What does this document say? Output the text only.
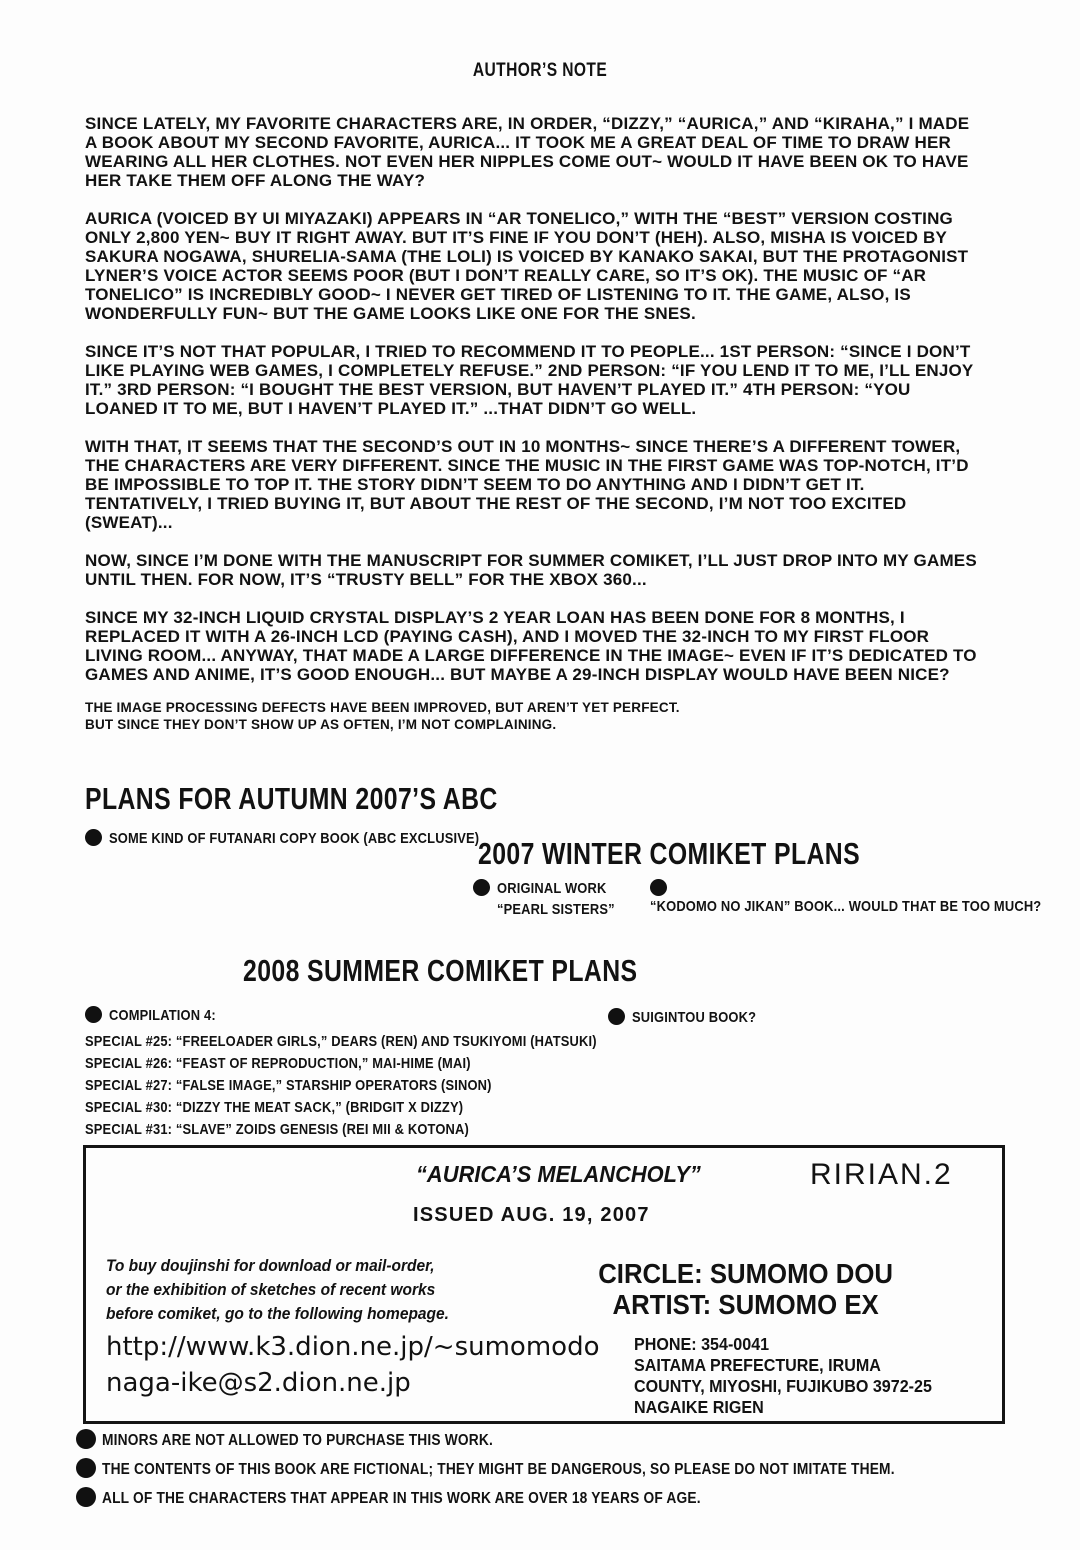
AUTHOR’S NOTE

SINCE LATELY, MY FAVORITE CHARACTERS ARE, IN ORDER, “DIZZY,” “AURICA,” AND “KIRAHA,” I MADE A BOOK ABOUT MY SECOND FAVORITE, AURICA... IT TOOK ME A GREAT DEAL OF TIME TO DRAW HER WEARING ALL HER CLOTHES. NOT EVEN HER NIPPLES COME OUT~ WOULD IT HAVE BEEN OK TO HAVE HER TAKE THEM OFF ALONG THE WAY?

AURICA (VOICED BY UI MIYAZAKI) APPEARS IN “AR TONELICO,” WITH THE “BEST” VERSION COSTING ONLY 2,800 YEN~ BUY IT RIGHT AWAY. BUT IT’S FINE IF YOU DON’T (HEH). ALSO, MISHA IS VOICED BY SAKURA NOGAWA, SHURELIA-SAMA (THE LOLI) IS VOICED BY KANAKO SAKAI, BUT THE PROTAGONIST LYNER’S VOICE ACTOR SEEMS POOR (BUT I DON’T REALLY CARE, SO IT’S OK). THE MUSIC OF “AR TONELICO” IS INCREDIBLY GOOD~ I NEVER GET TIRED OF LISTENING TO IT. THE GAME, ALSO, IS WONDERFULLY FUN~ BUT THE GAME LOOKS LIKE ONE FOR THE SNES.

SINCE IT’S NOT THAT POPULAR, I TRIED TO RECOMMEND IT TO PEOPLE... 1ST PERSON: “SINCE I DON’T LIKE PLAYING WEB GAMES, I COMPLETELY REFUSE.” 2ND PERSON: “IF YOU LEND IT TO ME, I’LL ENJOY IT.” 3RD PERSON: “I BOUGHT THE BEST VERSION, BUT HAVEN’T PLAYED IT.” 4TH PERSON: “YOU LOANED IT TO ME, BUT I HAVEN’T PLAYED IT.” ...THAT DIDN’T GO WELL.

WITH THAT, IT SEEMS THAT THE SECOND’S OUT IN 10 MONTHS~ SINCE THERE’S A DIFFERENT TOWER, THE CHARACTERS ARE VERY DIFFERENT. SINCE THE MUSIC IN THE FIRST GAME WAS TOP-NOTCH, IT’D BE IMPOSSIBLE TO TOP IT. THE STORY DIDN’T SEEM TO DO ANYTHING AND I DIDN’T GET IT. TENTATIVELY, I TRIED BUYING IT, BUT ABOUT THE REST OF THE SECOND, I’M NOT TOO EXCITED (SWEAT)...

NOW, SINCE I’M DONE WITH THE MANUSCRIPT FOR SUMMER COMIKET, I’LL JUST DROP INTO MY GAMES UNTIL THEN. FOR NOW, IT’S “TRUSTY BELL” FOR THE XBOX 360...

SINCE MY 32-INCH LIQUID CRYSTAL DISPLAY’S 2 YEAR LOAN HAS BEEN DONE FOR 8 MONTHS, I REPLACED IT WITH A 26-INCH LCD (PAYING CASH), AND I MOVED THE 32-INCH TO MY FIRST FLOOR LIVING ROOM... ANYWAY, THAT MADE A LARGE DIFFERENCE IN THE IMAGE~ EVEN IF IT’S DEDICATED TO GAMES AND ANIME, IT’S GOOD ENOUGH... BUT MAYBE A 29-INCH DISPLAY WOULD HAVE BEEN NICE?

THE IMAGE PROCESSING DEFECTS HAVE BEEN IMPROVED, BUT AREN’T YET PERFECT.
BUT SINCE THEY DON’T SHOW UP AS OFTEN, I’M NOT COMPLAINING.
PLANS FOR AUTUMN 2007’S ABC
SOME KIND OF FUTANARI COPY BOOK (ABC EXCLUSIVE)
2007 WINTER COMIKET PLANS
ORIGINAL WORK
“PEARL SISTERS”	“KODOMO NO JIKAN” BOOK... WOULD THAT BE TOO MUCH?
2008 SUMMER COMIKET PLANS
COMPILATION 4:	SUIGINTOU BOOK?
SPECIAL #25: “FREELOADER GIRLS,” DEARS (REN) AND TSUKIYOMI (HATSUKI)
SPECIAL #26: “FEAST OF REPRODUCTION,” MAI-HIME (MAI)
SPECIAL #27: “FALSE IMAGE,” STARSHIP OPERATORS (SINON)
SPECIAL #30: “DIZZY THE MEAT SACK,” (BRIDGIT X DIZZY)
SPECIAL #31: “SLAVE” ZOIDS GENESIS (REI MII & KOTONA)
“AURICA’S MELANCHOLY”	RIRIAN.2
ISSUED AUG. 19, 2007
To buy doujinshi for download or mail-order,
or the exhibition of sketches of recent works
before comiket, go to the following homepage.
CIRCLE: SUMOMO DOU
ARTIST: SUMOMO EX
http://www.k3.dion.ne.jp/~sumomodo
naga-ike@s2.dion.ne.jp
PHONE: 354-0041
SAITAMA PREFECTURE, IRUMA
COUNTY, MIYOSHI, FUJIKUBO 3972-25
NAGAIKE RIGEN
MINORS ARE NOT ALLOWED TO PURCHASE THIS WORK.
THE CONTENTS OF THIS BOOK ARE FICTIONAL; THEY MIGHT BE DANGEROUS, SO PLEASE DO NOT IMITATE THEM.
ALL OF THE CHARACTERS THAT APPEAR IN THIS WORK ARE OVER 18 YEARS OF AGE.
